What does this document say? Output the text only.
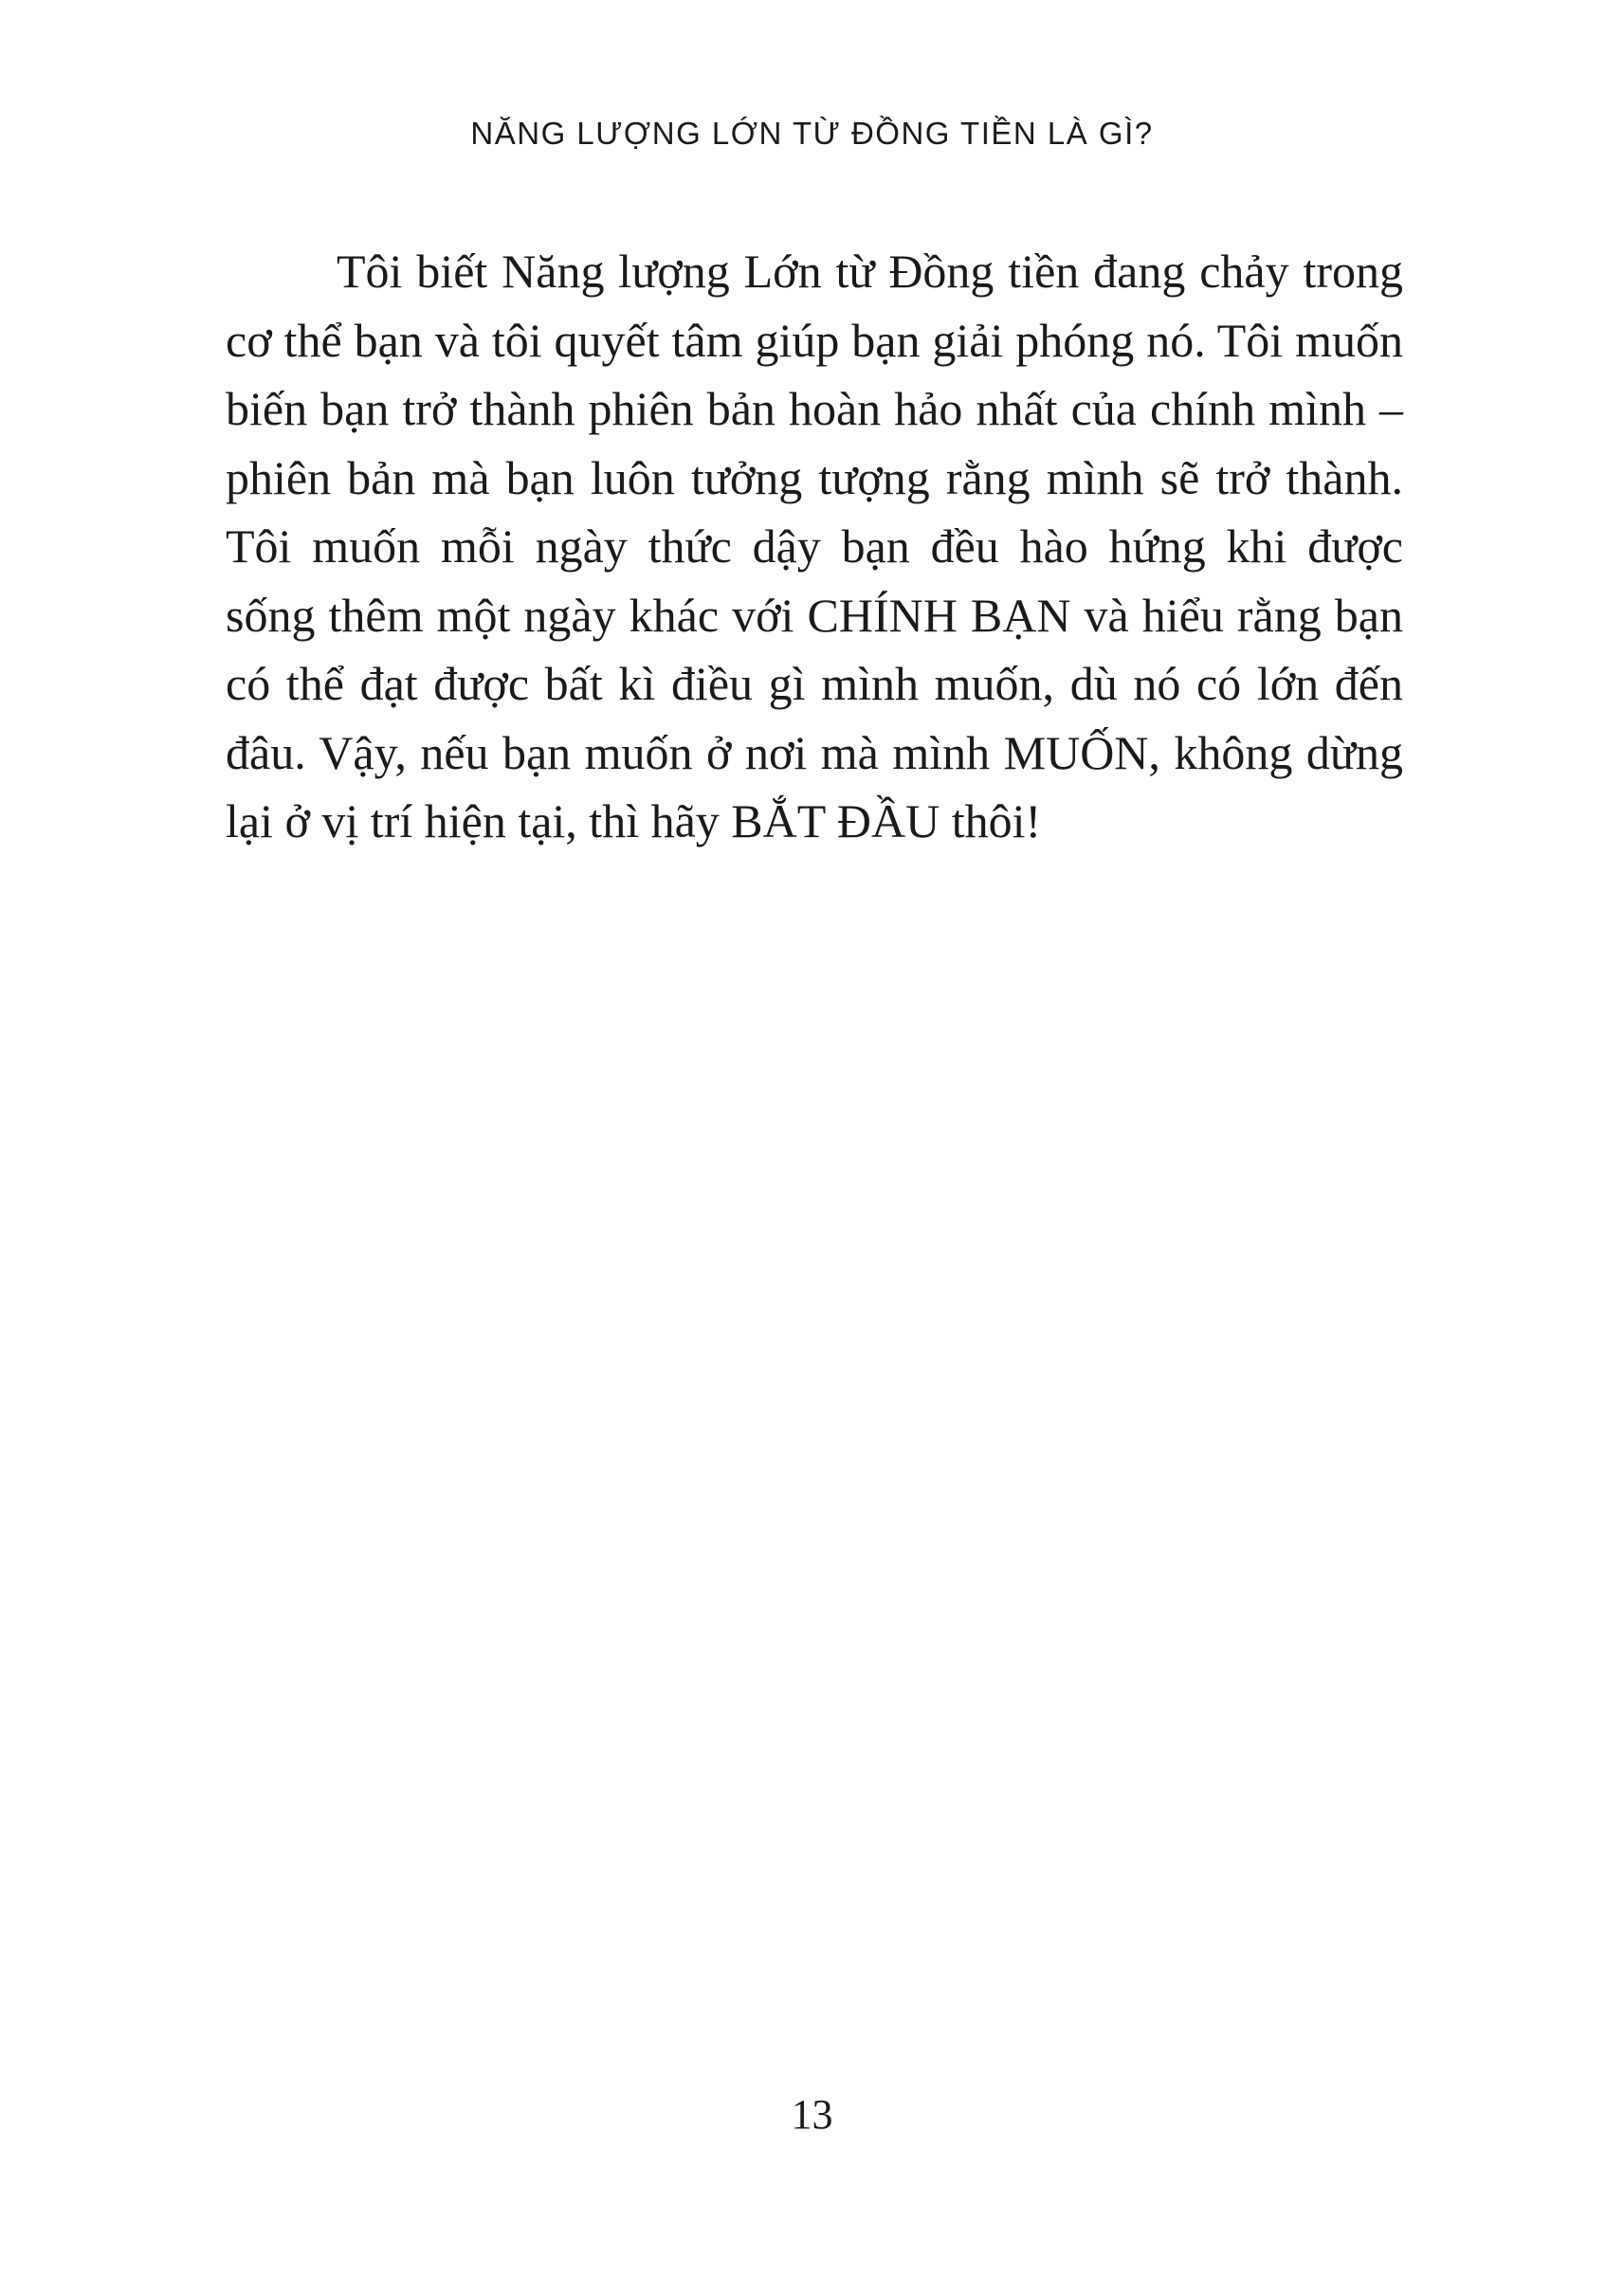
NĂNG LƯỢNG LỚN TỪ ĐỒNG TIỀN LÀ GÌ?

Tôi biết Năng lượng Lớn từ Đồng tiền đang chảy trong cơ thể bạn và tôi quyết tâm giúp bạn giải phóng nó. Tôi muốn biến bạn trở thành phiên bản hoàn hảo nhất của chính mình – phiên bản mà bạn luôn tưởng tượng rằng mình sẽ trở thành. Tôi muốn mỗi ngày thức dậy bạn đều hào hứng khi được sống thêm một ngày khác với CHÍNH BẠN và hiểu rằng bạn có thể đạt được bất kì điều gì mình muốn, dù nó có lớn đến đâu. Vậy, nếu bạn muốn ở nơi mà mình MUỐN, không dừng lại ở vị trí hiện tại, thì hãy BẮT ĐẦU thôi!

13
